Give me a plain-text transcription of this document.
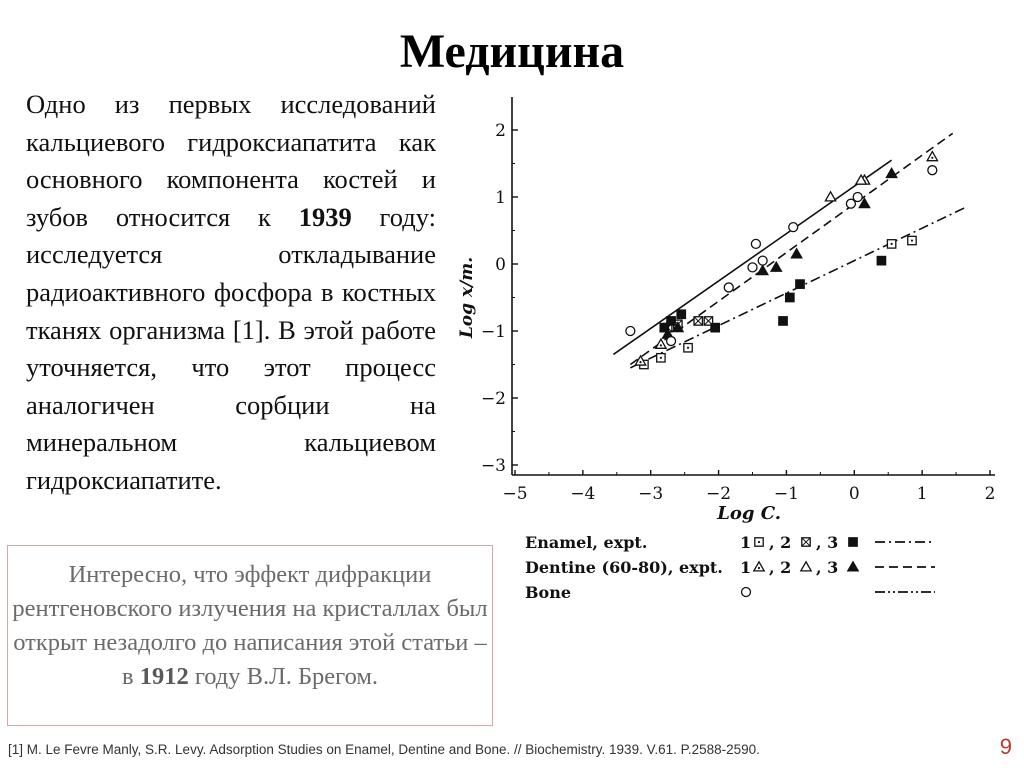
Медицина
Одно из первых исследований кальциевого гидроксиапатита как основного компонента костей и зубов относится к 1939 году: исследуется откладывание радиоактивного фосфора в костных тканях организма [1]. В этой работе уточняется, что этот процесс аналогичен сорбции на минеральном кальциевом гидроксиапатите.	−5	−4	−3	−2	−1	0	1	2
−3
−2
−1
0
1
2
Log C.
Log x/m.
Enamel, expt.	1 , 2 , 3
Dentine (60-80), expt. 1 , 2 , 3
Bone
Интересно, что эффект дифракции рентгеновского излучения на кристаллах был открыт незадолго до написания этой статьи – в 1912 году В.Л. Брегом.
[1] M. Le Fevre Manly, S.R. Levy. Adsorption Studies on Enamel, Dentine and Bone. // Biochemistry. 1939. V.61. P.2588-2590.	9
